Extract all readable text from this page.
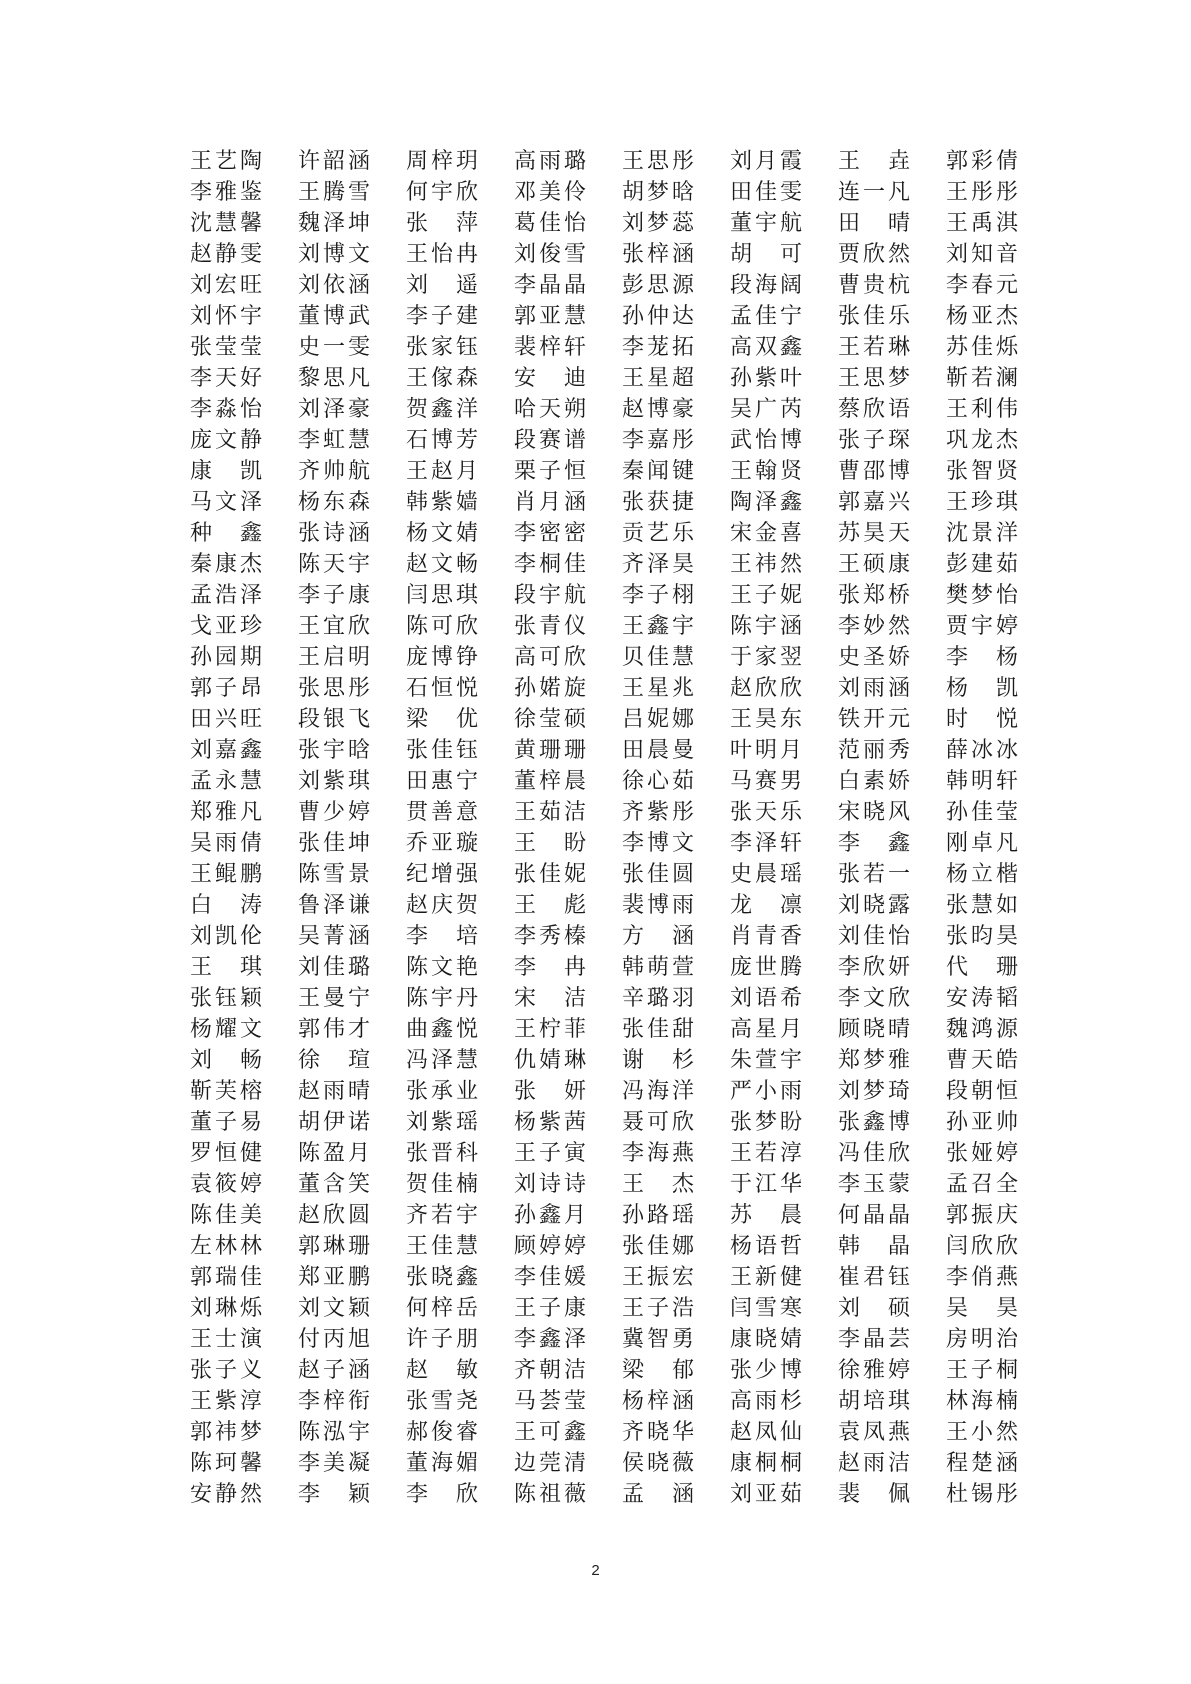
王艺陶	许韶涵	周梓玥	高雨璐	王思彤	刘月霞	王 垚	郭彩倩
李雅鉴	王腾雪	何宇欣	邓美伶	胡梦晗	田佳雯	连一凡	王彤彤
沈慧馨	魏泽坤	张 萍	葛佳怡	刘梦蕊	董宇航	田 晴	王禹淇
赵静雯	刘博文	王怡冉	刘俊雪	张梓涵	胡 可	贾欣然	刘知音
刘宏旺	刘依涵	刘 遥	李晶晶	彭思源	段海阔	曹贵杭	李春元
刘怀宇	董博武	李子建	郭亚慧	孙仲达	孟佳宁	张佳乐	杨亚杰
张莹莹	史一雯	张家钰	裴梓轩	李茏拓	高双鑫	王若琳	苏佳烁
李天好	黎思凡	王傢森	安 迪	王星超	孙紫叶	王思梦	靳若澜
李淼怡	刘泽豪	贺鑫洋	哈天朔	赵博豪	吴广芮	蔡欣语	王利伟
庞文静	李虹慧	石博芳	段赛谱	李嘉彤	武怡博	张子琛	巩龙杰
康 凯	齐帅航	王赵月	栗子恒	秦闻键	王翰贤	曹邵博	张智贤
马文泽	杨东森	韩紫嫱	肖月涵	张获捷	陶泽鑫	郭嘉兴	王珍琪
种 鑫	张诗涵	杨文婧	李密密	贡艺乐	宋金喜	苏昊天	沈景洋
秦康杰	陈天宇	赵文畅	李桐佳	齐泽昊	王祎然	王硕康	彭建茹
孟浩泽	李子康	闫思琪	段宇航	李子栩	王子妮	张郑桥	樊梦怡
戈亚珍	王宜欣	陈可欣	张青仪	王鑫宇	陈宇涵	李妙然	贾宇婷
孙园期	王启明	庞博铮	高可欣	贝佳慧	于家翌	史圣娇	李 杨
郭子昂	张思彤	石恒悦	孙婼旋	王星兆	赵欣欣	刘雨涵	杨 凯
田兴旺	段银飞	梁 优	徐莹硕	吕妮娜	王昊东	铁开元	时 悦
刘嘉鑫	张宇晗	张佳钰	黄珊珊	田晨曼	叶明月	范丽秀	薛冰冰
孟永慧	刘紫琪	田惠宁	董梓晨	徐心茹	马赛男	白素娇	韩明轩
郑雅凡	曹少婷	贯善意	王茹洁	齐紫彤	张天乐	宋晓风	孙佳莹
吴雨倩	张佳坤	乔亚璇	王 盼	李博文	李泽轩	李 鑫	刚卓凡
王鲲鹏	陈雪景	纪增强	张佳妮	张佳圆	史晨瑶	张若一	杨立楷
白 涛	鲁泽谦	赵庆贺	王 彪	裴博雨	龙 凛	刘晓露	张慧如
刘凯伦	吴菁涵	李 培	李秀榛	方 涵	肖青香	刘佳怡	张昀昊
王 琪	刘佳璐	陈文艳	李 冉	韩萌萱	庞世腾	李欣妍	代 珊
张钰颖	王曼宁	陈宇丹	宋 洁	辛璐羽	刘语希	李文欣	安涛韬
杨耀文	郭伟才	曲鑫悦	王柠菲	张佳甜	高星月	顾晓晴	魏鸿源
刘 畅	徐 瑄	冯泽慧	仇婧琳	谢 杉	朱萱宇	郑梦雅	曹天皓
靳芙榕	赵雨晴	张承业	张 妍	冯海洋	严小雨	刘梦琦	段朝恒
董子易	胡伊诺	刘紫瑶	杨紫茜	聂可欣	张梦盼	张鑫博	孙亚帅
罗恒健	陈盈月	张晋科	王子寅	李海燕	王若淳	冯佳欣	张娅婷
袁筱婷	董含笑	贺佳楠	刘诗诗	王 杰	于江华	李玉蒙	孟召全
陈佳美	赵欣圆	齐若宇	孙鑫月	孙路瑶	苏 晨	何晶晶	郭振庆
左林林	郭琳珊	王佳慧	顾婷婷	张佳娜	杨语哲	韩 晶	闫欣欣
郭瑞佳	郑亚鹏	张晓鑫	李佳媛	王振宏	王新健	崔君钰	李俏燕
刘琳烁	刘文颖	何梓岳	王子康	王子浩	闫雪寒	刘 硕	吴 昊
王士演	付丙旭	许子朋	李鑫泽	冀智勇	康晓婧	李晶芸	房明治
张子义	赵子涵	赵 敏	齐朝洁	梁 郁	张少博	徐雅婷	王子桐
王紫淳	李梓衔	张雪尧	马荟莹	杨梓涵	高雨杉	胡培琪	林海楠
郭祎梦	陈泓宇	郝俊睿	王可鑫	齐晓华	赵凤仙	袁凤燕	王小然
陈珂馨	李美凝	董海媚	边莞清	侯晓薇	康桐桐	赵雨洁	程楚涵
安静然	李 颖	李 欣	陈祖薇	孟 涵	刘亚茹	裴 佩	杜锡彤
2
